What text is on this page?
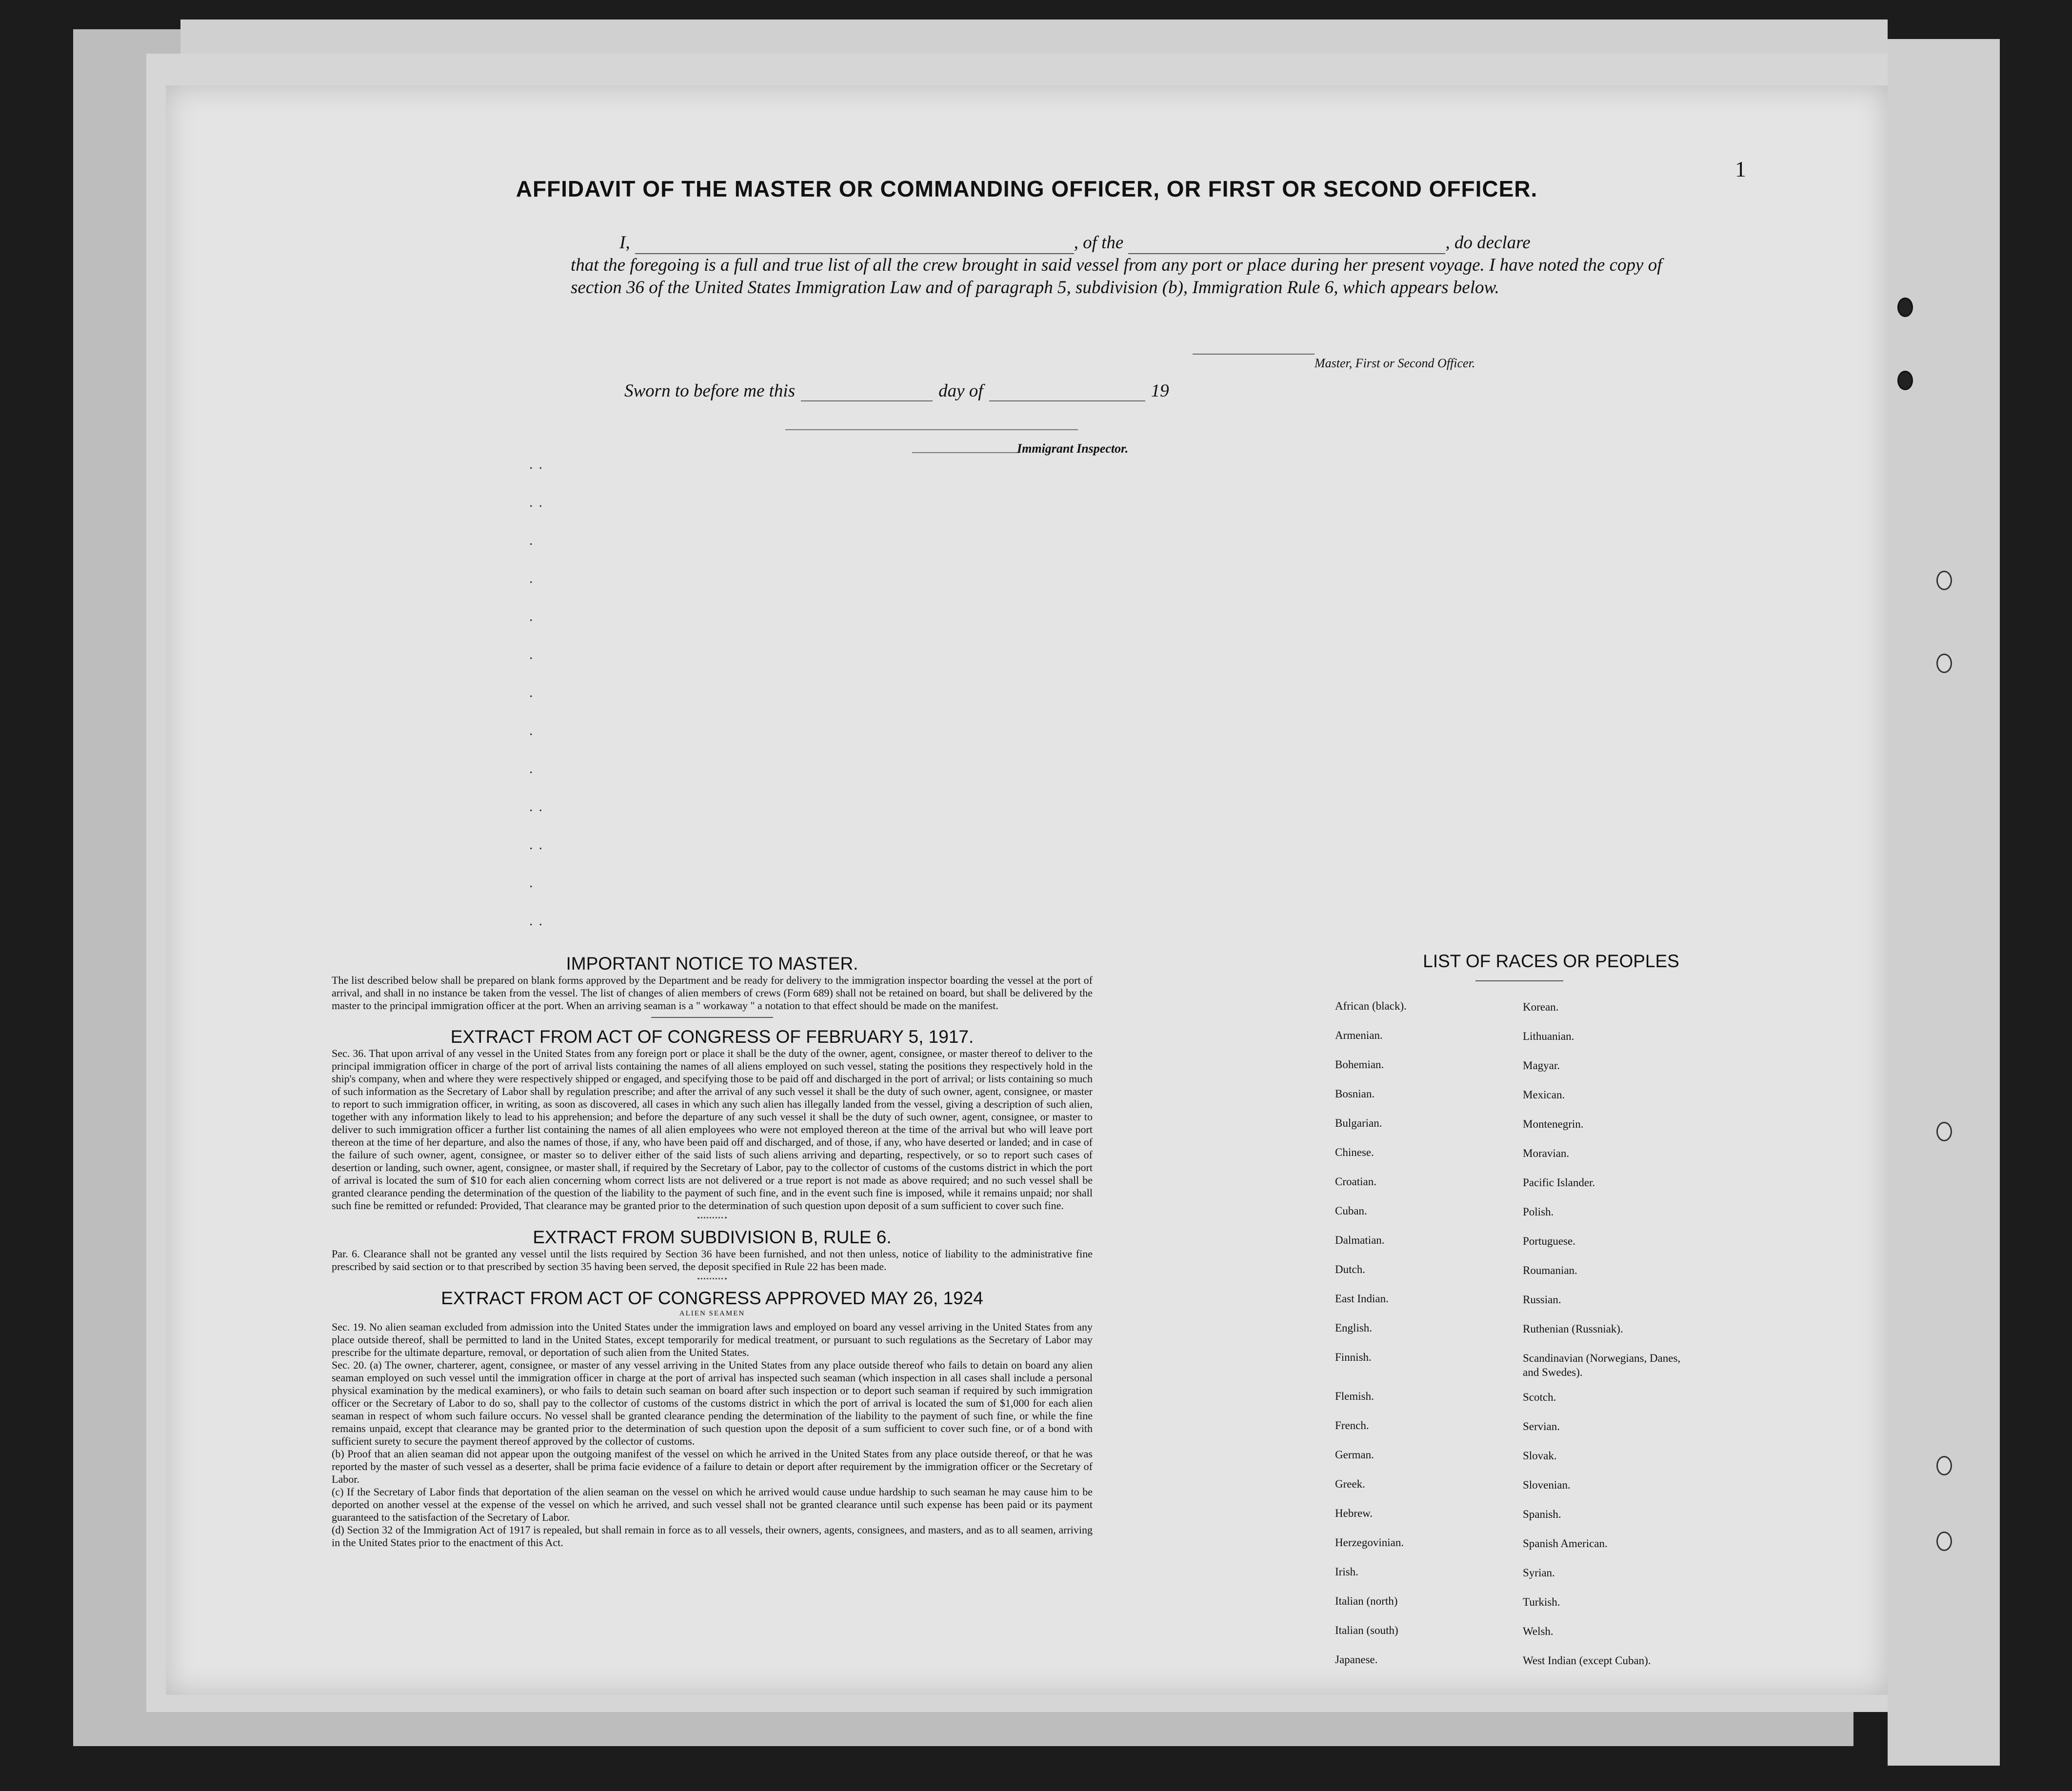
1
AFFIDAVIT OF THE MASTER OR COMMANDING OFFICER, OR FIRST OR SECOND OFFICER.
I,	, of the	, do declare

that the foregoing is a full and true list of all the crew brought in said vessel from any port or place during her present voyage. I have noted the copy of section 36 of the United States Immigration Law and of paragraph 5, subdivision (b), Immigration Rule 6, which appears below.

Master, First or Second Officer.
Sworn to before me this	day of	19
Immigrant Inspector.
..
..
.
.
.
.
.
.
.
..
..
.
..

IMPORTANT NOTICE TO MASTER.

The list described below shall be prepared on blank forms approved by the Department and be ready for delivery to the immigration inspector boarding the vessel at the port of arrival, and shall in no instance be taken from the vessel. The list of changes of alien members of crews (Form 689) shall not be retained on board, but shall be delivered by the master to the principal immigration officer at the port. When an arriving seaman is a " workaway " a notation to that effect should be made on the manifest.

EXTRACT FROM ACT OF CONGRESS OF FEBRUARY 5, 1917.

Sec. 36. That upon arrival of any vessel in the United States from any foreign port or place it shall be the duty of the owner, agent, consignee, or master thereof to deliver to the principal immigration officer in charge of the port of arrival lists containing the names of all aliens employed on such vessel, stating the positions they respectively hold in the ship's company, when and where they were respectively shipped or engaged, and specifying those to be paid off and discharged in the port of arrival; or lists containing so much of such information as the Secretary of Labor shall by regulation prescribe; and after the arrival of any such vessel it shall be the duty of such owner, agent, consignee, or master to report to such immigration officer, in writing, as soon as discovered, all cases in which any such alien has illegally landed from the vessel, giving a description of such alien, together with any information likely to lead to his apprehension; and before the departure of any such vessel it shall be the duty of such owner, agent, consignee, or master to deliver to such immigration officer a further list containing the names of all alien employees who were not employed thereon at the time of the arrival but who will leave port thereon at the time of her departure, and also the names of those, if any, who have been paid off and discharged, and of those, if any, who have deserted or landed; and in case of the failure of such owner, agent, consignee, or master so to deliver either of the said lists of such aliens arriving and departing, respectively, or so to report such cases of desertion or landing, such owner, agent, consignee, or master shall, if required by the Secretary of Labor, pay to the collector of customs of the customs district in which the port of arrival is located the sum of $10 for each alien concerning whom correct lists are not delivered or a true report is not made as above required; and no such vessel shall be granted clearance pending the determination of the question of the liability to the payment of such fine, and in the event such fine is imposed, while it remains unpaid; nor shall such fine be remitted or refunded: Provided, That clearance may be granted prior to the determination of such question upon deposit of a sum sufficient to cover such fine.

EXTRACT FROM SUBDIVISION B, RULE 6.

Par. 6. Clearance shall not be granted any vessel until the lists required by Section 36 have been furnished, and not then unless, notice of liability to the administrative fine prescribed by said section or to that prescribed by section 35 having been served, the deposit specified in Rule 22 has been made.

EXTRACT FROM ACT OF CONGRESS APPROVED MAY 26, 1924

ALIEN SEAMEN

Sec. 19. No alien seaman excluded from admission into the United States under the immigration laws and employed on board any vessel arriving in the United States from any place outside thereof, shall be permitted to land in the United States, except temporarily for medical treatment, or pursuant to such regulations as the Secretary of Labor may prescribe for the ultimate departure, removal, or deportation of such alien from the United States.

Sec. 20. (a) The owner, charterer, agent, consignee, or master of any vessel arriving in the United States from any place outside thereof who fails to detain on board any alien seaman employed on such vessel until the immigration officer in charge at the port of arrival has inspected such seaman (which inspection in all cases shall include a personal physical examination by the medical examiners), or who fails to detain such seaman on board after such inspection or to deport such seaman if required by such immigration officer or the Secretary of Labor to do so, shall pay to the collector of customs of the customs district in which the port of arrival is located the sum of $1,000 for each alien seaman in respect of whom such failure occurs. No vessel shall be granted clearance pending the determination of the liability to the payment of such fine, or while the fine remains unpaid, except that clearance may be granted prior to the determination of such question upon the deposit of a sum sufficient to cover such fine, or of a bond with sufficient surety to secure the payment thereof approved by the collector of customs.

(b) Proof that an alien seaman did not appear upon the outgoing manifest of the vessel on which he arrived in the United States from any place outside thereof, or that he was reported by the master of such vessel as a deserter, shall be prima facie evidence of a failure to detain or deport after requirement by the immigration officer or the Secretary of Labor.

(c) If the Secretary of Labor finds that deportation of the alien seaman on the vessel on which he arrived would cause undue hardship to such seaman he may cause him to be deported on another vessel at the expense of the vessel on which he arrived, and such vessel shall not be granted clearance until such expense has been paid or its payment guaranteed to the satisfaction of the Secretary of Labor.

(d) Section 32 of the Immigration Act of 1917 is repealed, but shall remain in force as to all vessels, their owners, agents, consignees, and masters, and as to all seamen, arriving in the United States prior to the enactment of this Act.

LIST OF RACES OR PEOPLES
African (black).	Korean.
Armenian.	Lithuanian.
Bohemian.	Magyar.
Bosnian.	Mexican.
Bulgarian.	Montenegrin.
Chinese.	Moravian.
Croatian.	Pacific Islander.
Cuban.	Polish.
Dalmatian.	Portuguese.
Dutch.	Roumanian.
East Indian.	Russian.
English.	Ruthenian (Russniak).
Finnish.	Scandinavian (Norwegians, Danes, and Swedes).
Flemish.	Scotch.
French.	Servian.
German.	Slovak.
Greek.	Slovenian.
Hebrew.	Spanish.
Herzegovinian.	Spanish American.
Irish.	Syrian.
Italian (north)	Turkish.
Italian (south)	Welsh.
Japanese.	West Indian (except Cuban).
